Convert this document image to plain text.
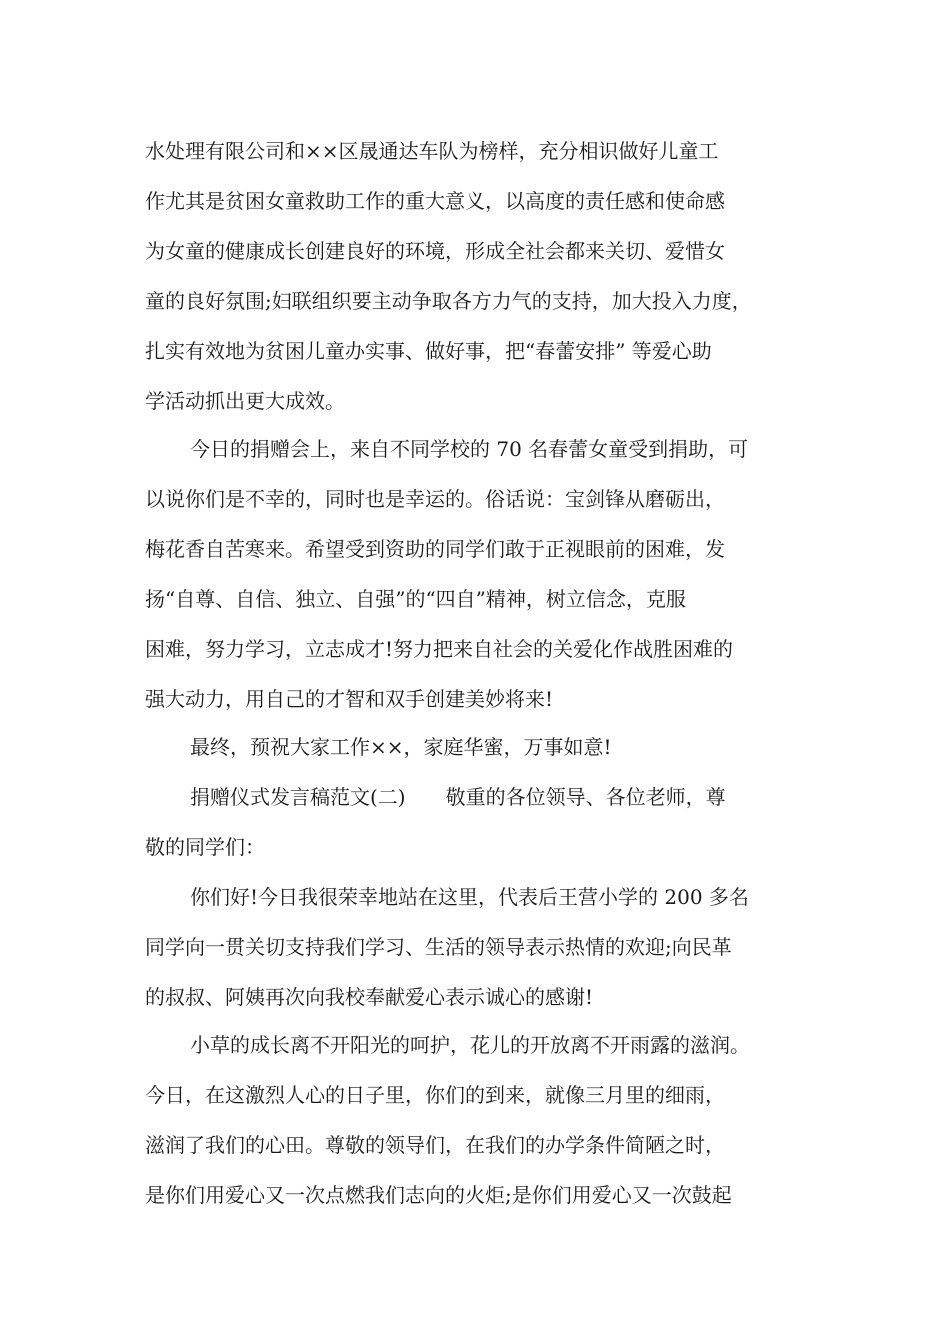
水处理有限公司和××区晟通达车队为榜样，充分相识做好儿童工
作尤其是贫困女童救助工作的重大意义，以高度的责任感和使命感
为女童的健康成长创建良好的环境，形成全社会都来关切、爱惜女
童的良好氛围;妇联组织要主动争取各方力气的支持，加大投入力度，
扎实有效地为贫困儿童办实事、做好事，把“春蕾安排” 等爱心助
学活动抓出更大成效。
今日的捐赠会上，来自不同学校的 70 名春蕾女童受到捐助，可
以说你们是不幸的，同时也是幸运的。俗话说：宝剑锋从磨砺出，
梅花香自苦寒来。希望受到资助的同学们敢于正视眼前的困难，发
扬“自尊、自信、独立、自强”的“四自”精神，树立信念，克服
困难，努力学习，立志成才!努力把来自社会的关爱化作战胜困难的
强大动力，用自己的才智和双手创建美妙将来!
最终，预祝大家工作××，家庭华蜜，万事如意!
捐赠仪式发言稿范文(二)　　敬重的各位领导、各位老师，尊
敬的同学们：
你们好!今日我很荣幸地站在这里，代表后王营小学的 200 多名
同学向一贯关切支持我们学习、生活的领导表示热情的欢迎;向民革
的叔叔、阿姨再次向我校奉献爱心表示诚心的感谢!
小草的成长离不开阳光的呵护，花儿的开放离不开雨露的滋润。
今日，在这激烈人心的日子里，你们的到来，就像三月里的细雨，
滋润了我们的心田。尊敬的领导们，在我们的办学条件简陋之时，
是你们用爱心又一次点燃我们志向的火炬;是你们用爱心又一次鼓起
